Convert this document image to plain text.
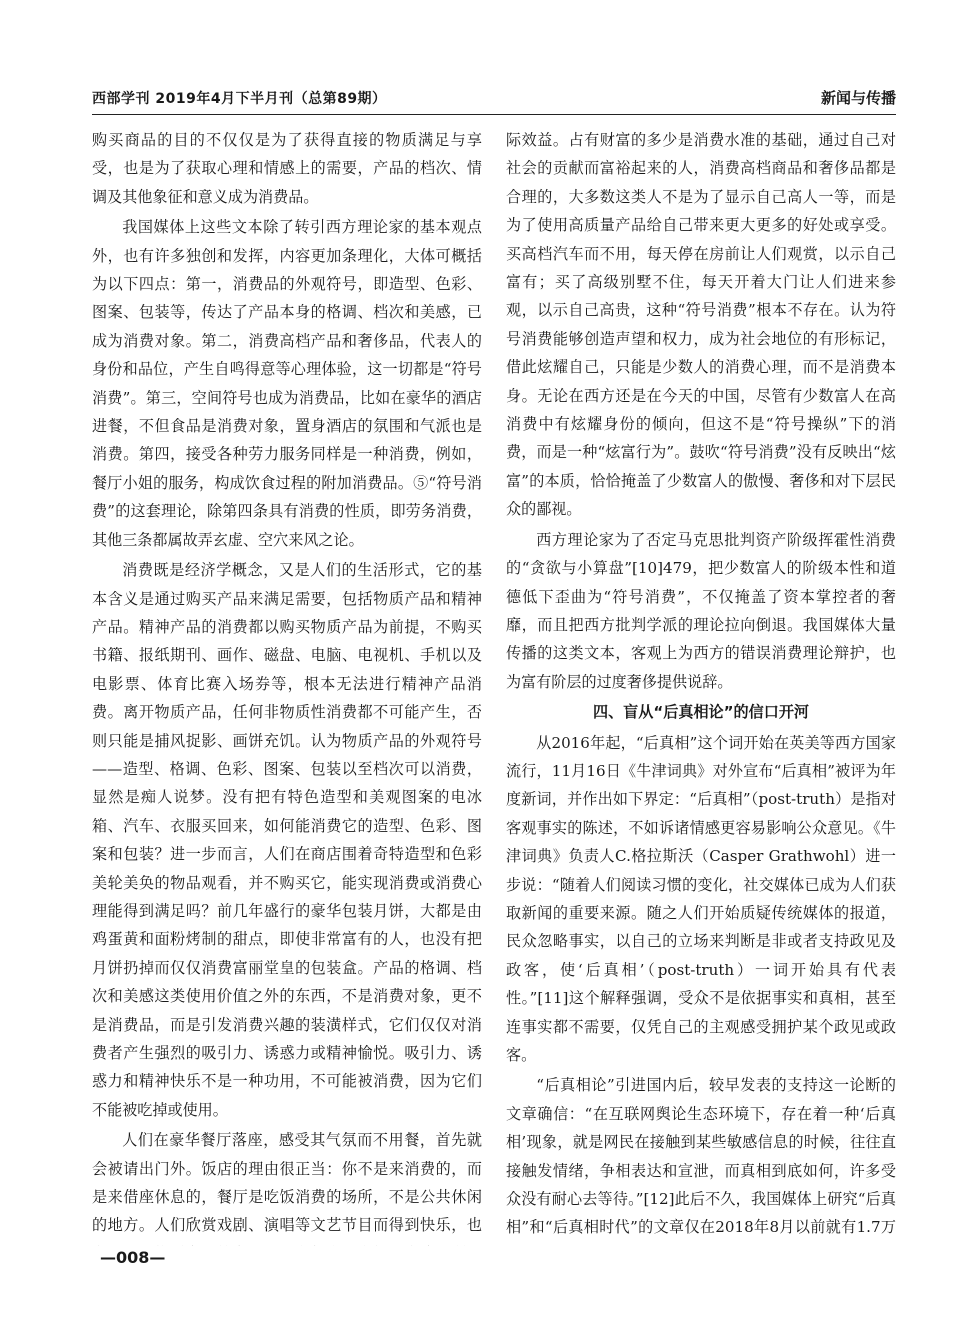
西部学刊 2019年4月下半月刊（总第89期）	新闻与传播

购买商品的目的不仅仅是为了获得直接的物质满足与享受，也是为了获取心理和情感上的需要，产品的档次、情调及其他象征和意义成为消费品。

我国媒体上这些文本除了转引西方理论家的基本观点外，也有许多独创和发挥，内容更加条理化，大体可概括为以下四点：第一，消费品的外观符号，即造型、色彩、图案、包装等，传达了产品本身的格调、档次和美感，已成为消费对象。第二，消费高档产品和奢侈品，代表人的身份和品位，产生自鸣得意等心理体验，这一切都是“符号消费”。第三，空间符号也成为消费品，比如在豪华的酒店进餐，不但食品是消费对象，置身酒店的氛围和气派也是消费。第四，接受各种劳力服务同样是一种消费，例如，餐厅小姐的服务，构成饮食过程的附加消费品。⑤“符号消费”的这套理论，除第四条具有消费的性质，即劳务消费，其他三条都属故弄玄虚、空穴来风之论。

消费既是经济学概念，又是人们的生活形式，它的基本含义是通过购买产品来满足需要，包括物质产品和精神产品。精神产品的消费都以购买物质产品为前提，不购买书籍、报纸期刊、画作、磁盘、电脑、电视机、手机以及电影票、体育比赛入场券等，根本无法进行精神产品消费。离开物质产品，任何非物质性消费都不可能产生，否则只能是捕风捉影、画饼充饥。认为物质产品的外观符号——造型、格调、色彩、图案、包装以至档次可以消费，显然是痴人说梦。没有把有特色造型和美观图案的电冰箱、汽车、衣服买回来，如何能消费它的造型、色彩、图案和包装？进一步而言，人们在商店围着奇特造型和色彩美轮美奂的物品观看，并不购买它，能实现消费或消费心理能得到满足吗？前几年盛行的豪华包装月饼，大都是由鸡蛋黄和面粉烤制的甜点，即使非常富有的人，也没有把月饼扔掉而仅仅消费富丽堂皇的包装盒。产品的格调、档次和美感这类使用价值之外的东西，不是消费对象，更不是消费品，而是引发消费兴趣的装潢样式，它们仅仅对消费者产生强烈的吸引力、诱惑力或精神愉悦。吸引力、诱惑力和精神快乐不是一种功用，不可能被消费，因为它们不能被吃掉或使用。

人们在豪华餐厅落座，感受其气氛而不用餐，首先就会被请出门外。饭店的理由很正当：你不是来消费的，而是来借座休息的，餐厅是吃饭消费的场所，不是公共休闲的地方。人们欣赏戏剧、演唱等文艺节目而得到快乐，也

际效益。占有财富的多少是消费水准的基础，通过自己对社会的贡献而富裕起来的人，消费高档商品和奢侈品都是合理的，大多数这类人不是为了显示自己高人一等，而是为了使用高质量产品给自己带来更大更多的好处或享受。买高档汽车而不用，每天停在房前让人们观赏，以示自己富有；买了高级别墅不住，每天开着大门让人们进来参观，以示自己高贵，这种“符号消费”根本不存在。认为符号消费能够创造声望和权力，成为社会地位的有形标记，借此炫耀自己，只能是少数人的消费心理，而不是消费本身。无论在西方还是在今天的中国，尽管有少数富人在高消费中有炫耀身份的倾向，但这不是“符号操纵”下的消费，而是一种“炫富行为”。鼓吹“符号消费”没有反映出“炫富”的本质，恰恰掩盖了少数富人的傲慢、奢侈和对下层民众的鄙视。

西方理论家为了否定马克思批判资产阶级挥霍性消费的“贪欲与小算盘”[10]479，把少数富人的阶级本性和道德低下歪曲为“符号消费”，不仅掩盖了资本掌控者的奢靡，而且把西方批判学派的理论拉向倒退。我国媒体大量传播的这类文本，客观上为西方的错误消费理论辩护，也为富有阶层的过度奢侈提供说辞。

四、盲从“后真相论”的信口开河

从2016年起，“后真相”这个词开始在英美等西方国家流行，11月16日《牛津词典》对外宣布“后真相”被评为年度新词，并作出如下界定：“后真相”（post-truth）是指对客观事实的陈述，不如诉诸情感更容易影响公众意见。《牛津词典》负责人C.格拉斯沃（Casper Grathwohl）进一步说：“随着人们阅读习惯的变化，社交媒体已成为人们获取新闻的重要来源。随之人们开始质疑传统媒体的报道，民众忽略事实，以自己的立场来判断是非或者支持政见及政客，使‘后真相’（post-truth）一词开始具有代表性。”[11]这个解释强调，受众不是依据事实和真相，甚至连事实都不需要，仅凭自己的主观感受拥护某个政见或政客。

“后真相论”引进国内后，较早发表的支持这一论断的文章确信：“在互联网舆论生态环境下，存在着一种‘后真相’现象，就是网民在接触到某些敏感信息的时候，往往直接触发情绪，争相表达和宣泄，而真相到底如何，许多受众没有耐心去等待。”[12]此后不久，我国媒体上研究“后真相”和“后真相时代”的文章仅在2018年8月以前就有1.7万

—008—
